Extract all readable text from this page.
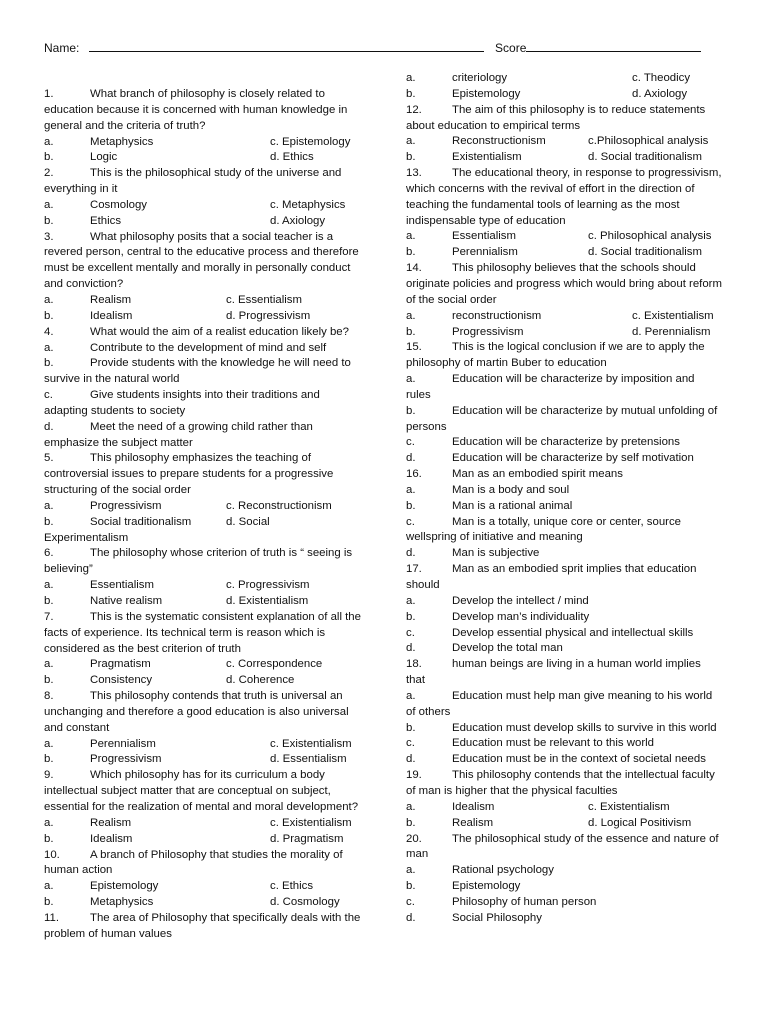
Name:	Score

1.	What branch of philosophy is closely related to education because it is concerned with human knowledge in general and the criteria of truth?

a.	Metaphysics	c. Epistemology
b.	Logic	d. Ethics

2.	This is the philosophical study of the universe and everything in it

a.	Cosmology	c. Metaphysics
b.	Ethics	d. Axiology

3.	What philosophy posits that a social teacher is a revered person, central to the educative process and therefore must be excellent mentally and morally in personally conduct and conviction?

a.	Realism	c. Essentialism
b.	Idealism	d. Progressivism

4.	What would the aim of a realist education likely be?

a.	Contribute to the development of mind and self
b.	Provide students with the knowledge he will need to survive in the natural world
c.	Give students insights into their traditions and adapting students to society
d.	Meet the need of a growing child rather than emphasize the subject matter

5.	This philosophy emphasizes the teaching of controversial issues to prepare students for a progressive structuring of the social order

a.	Progressivism	c. Reconstructionism
b.	Social traditionalism	d. Social
Experimentalism

6.	The philosophy whose criterion of truth is “ seeing is believing”

a.	Essentialism	c. Progressivism
b.	Native realism	d. Existentialism

7.	This is the systematic consistent explanation of all the facts of experience. Its technical term is reason which is considered as the best criterion of truth

a.	Pragmatism	c. Correspondence
b.	Consistency	d. Coherence

8.	This philosophy contends that truth is universal an unchanging and therefore a good education is also universal and constant

a.	Perennialism	c. Existentialism
b.	Progressivism	d. Essentialism

9.	Which philosophy has for its curriculum a body intellectual subject matter that are conceptual on subject, essential for the realization of mental and moral development?

a.	Realism	c. Existentialism
b.	Idealism	d. Pragmatism

10.	A branch of Philosophy that studies the morality of human action

a.	Epistemology	c. Ethics
b.	Metaphysics	d. Cosmology

11.	The area of Philosophy that specifically deals with the problem of human values

a.	criteriology	c. Theodicy
b.	Epistemology	d. Axiology

12.	The aim of this philosophy is to reduce statements about education to empirical terms

a.	Reconstructionism	c.Philosophical analysis
b.	Existentialism	d. Social traditionalism

13.	The educational theory, in response to progressivism, which concerns with the revival of effort in the direction of teaching the fundamental tools of learning as the most indispensable type of education

a.	Essentialism	c. Philosophical analysis
b.	Perennialism	d. Social traditionalism

14.	This philosophy believes that the schools should originate policies and progress which would bring about reform of the social order

a.	reconstructionism	c. Existentialism
b.	Progressivism	d. Perennialism

15.	This is the logical conclusion if we are to apply the philosophy of martin Buber to education

a.	Education will be characterize by imposition and rules
b.	Education will be characterize by mutual unfolding of persons
c.	Education will be characterize by pretensions
d.	Education will be characterize by self motivation

16.	Man as an embodied spirit means

a.	Man is a body and soul
b.	Man is a rational animal
c.	Man is a totally, unique core or center, source wellspring of initiative and meaning
d.	Man is subjective

17.	Man as an embodied sprit implies that education should

a.	Develop the intellect / mind
b.	Develop man’s individuality
c.	Develop essential physical and intellectual skills
d.	Develop the total man

18.	human beings are living in a human world implies that

a.	Education must help man give meaning to his world of others
b.	Education must develop skills to survive in this world
c.	Education must be relevant to this world
d.	Education must be in the context of societal needs

19.	This philosophy contends that the intellectual faculty of man is higher that the physical faculties

a.	Idealism	c. Existentialism
b.	Realism	d. Logical Positivism

20.	The philosophical study of the essence and nature of man

a.	Rational psychology
b.	Epistemology
c.	Philosophy of human person
d.	Social Philosophy
